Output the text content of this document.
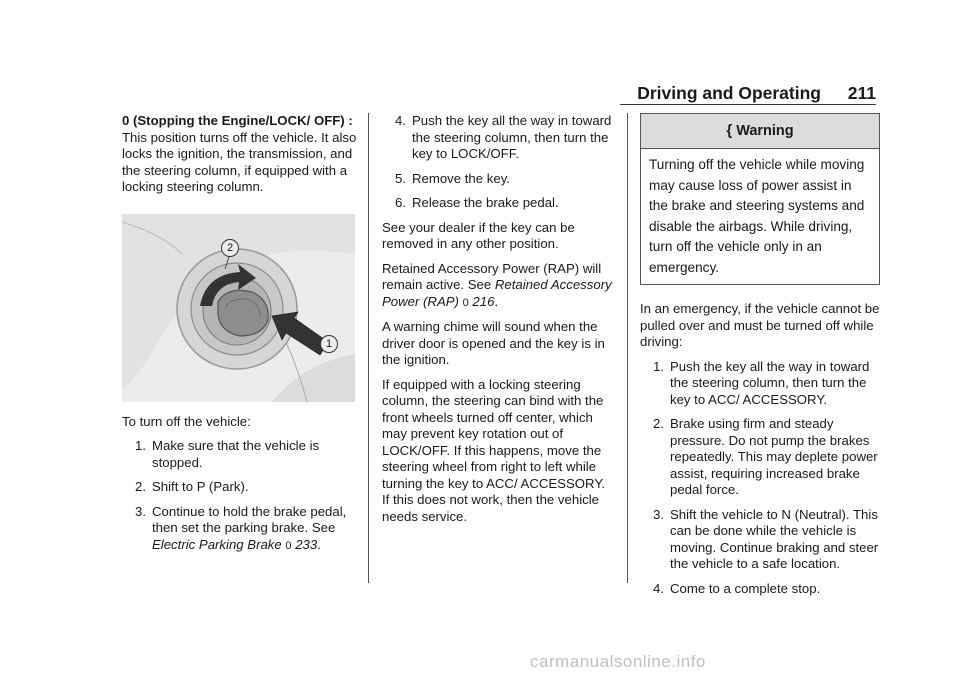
Driving and Operating 211

0 (Stopping the Engine/LOCK/ OFF) : This position turns off the vehicle. It also locks the ignition, the transmission, and the steering column, if equipped with a locking steering column.

2
1

To turn off the vehicle:

1. Make sure that the vehicle is stopped.
2. Shift to P (Park).
3. Continue to hold the brake pedal, then set the parking brake. See Electric Parking Brake 0 233.
4. Push the key all the way in toward the steering column, then turn the key to LOCK/OFF.
5. Remove the key.
6. Release the brake pedal.

See your dealer if the key can be removed in any other position.

Retained Accessory Power (RAP) will remain active. See Retained Accessory Power (RAP) 0 216.

A warning chime will sound when the driver door is opened and the key is in the ignition.

If equipped with a locking steering column, the steering can bind with the front wheels turned off center, which may prevent key rotation out of LOCK/OFF. If this happens, move the steering wheel from right to left while turning the key to ACC/ ACCESSORY. If this does not work, then the vehicle needs service.

{ Warning
Turning off the vehicle while moving may cause loss of power assist in the brake and steering systems and disable the airbags. While driving, turn off the vehicle only in an emergency.

In an emergency, if the vehicle cannot be pulled over and must be turned off while driving:

1. Push the key all the way in toward the steering column, then turn the key to ACC/ ACCESSORY.
2. Brake using firm and steady pressure. Do not pump the brakes repeatedly. This may deplete power assist, requiring increased brake pedal force.
3. Shift the vehicle to N (Neutral). This can be done while the vehicle is moving. Continue braking and steer the vehicle to a safe location.
4. Come to a complete stop.
carmanualsonline.info
